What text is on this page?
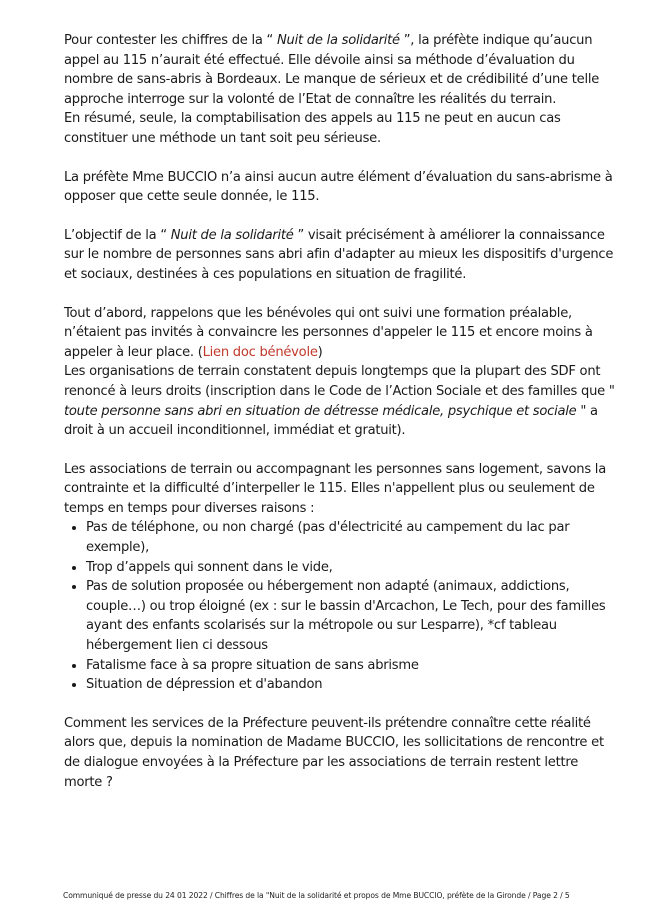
Pour contester les chiffres de la “ Nuit de la solidarité ”, la préfète indique qu’aucun appel au 115 n’aurait été effectué. Elle dévoile ainsi sa méthode d’évaluation du nombre de sans-abris à Bordeaux. Le manque de sérieux et de crédibilité d’une telle approche interroge sur la volonté de l’Etat de connaître les réalités du terrain.

En résumé, seule, la comptabilisation des appels au 115 ne peut en aucun cas constituer une méthode un tant soit peu sérieuse.

La préfète Mme BUCCIO n’a ainsi aucun autre élément d’évaluation du sans-abrisme à opposer que cette seule donnée, le 115.

L’objectif de la “ Nuit de la solidarité ” visait précisément à améliorer la connaissance sur le nombre de personnes sans abri afin d'adapter au mieux les dispositifs d'urgence et sociaux, destinées à ces populations en situation de fragilité.

Tout d’abord, rappelons que les bénévoles qui ont suivi une formation préalable, n’étaient pas invités à convaincre les personnes d'appeler le 115 et encore moins à appeler à leur place. (Lien doc bénévole)

Les organisations de terrain constatent depuis longtemps que la plupart des SDF ont renoncé à leurs droits (inscription dans le Code de l’Action Sociale et des familles que " toute personne sans abri en situation de détresse médicale, psychique et sociale " a droit à un accueil inconditionnel, immédiat et gratuit).

Les associations de terrain ou accompagnant les personnes sans logement, savons la contrainte et la difficulté d’interpeller le 115. Elles n'appellent plus ou seulement de temps en temps pour diverses raisons :

• Pas de téléphone, ou non chargé (pas d'électricité au campement du lac par exemple),
• Trop d’appels qui sonnent dans le vide,
• Pas de solution proposée ou hébergement non adapté (animaux, addictions, couple…) ou trop éloigné (ex : sur le bassin d'Arcachon, Le Tech, pour des familles ayant des enfants scolarisés sur la métropole ou sur Lesparre), *cf tableau hébergement lien ci dessous
• Fatalisme face à sa propre situation de sans abrisme
• Situation de dépression et d'abandon

Comment les services de la Préfecture peuvent-ils prétendre connaître cette réalité alors que, depuis la nomination de Madame BUCCIO, les sollicitations de rencontre et de dialogue envoyées à la Préfecture par les associations de terrain restent lettre morte ?

Communiqué de presse du 24 01 2022 / Chiffres de la "Nuit de la solidarité et propos de Mme BUCCIO, préfète de la Gironde / Page 2 / 5
